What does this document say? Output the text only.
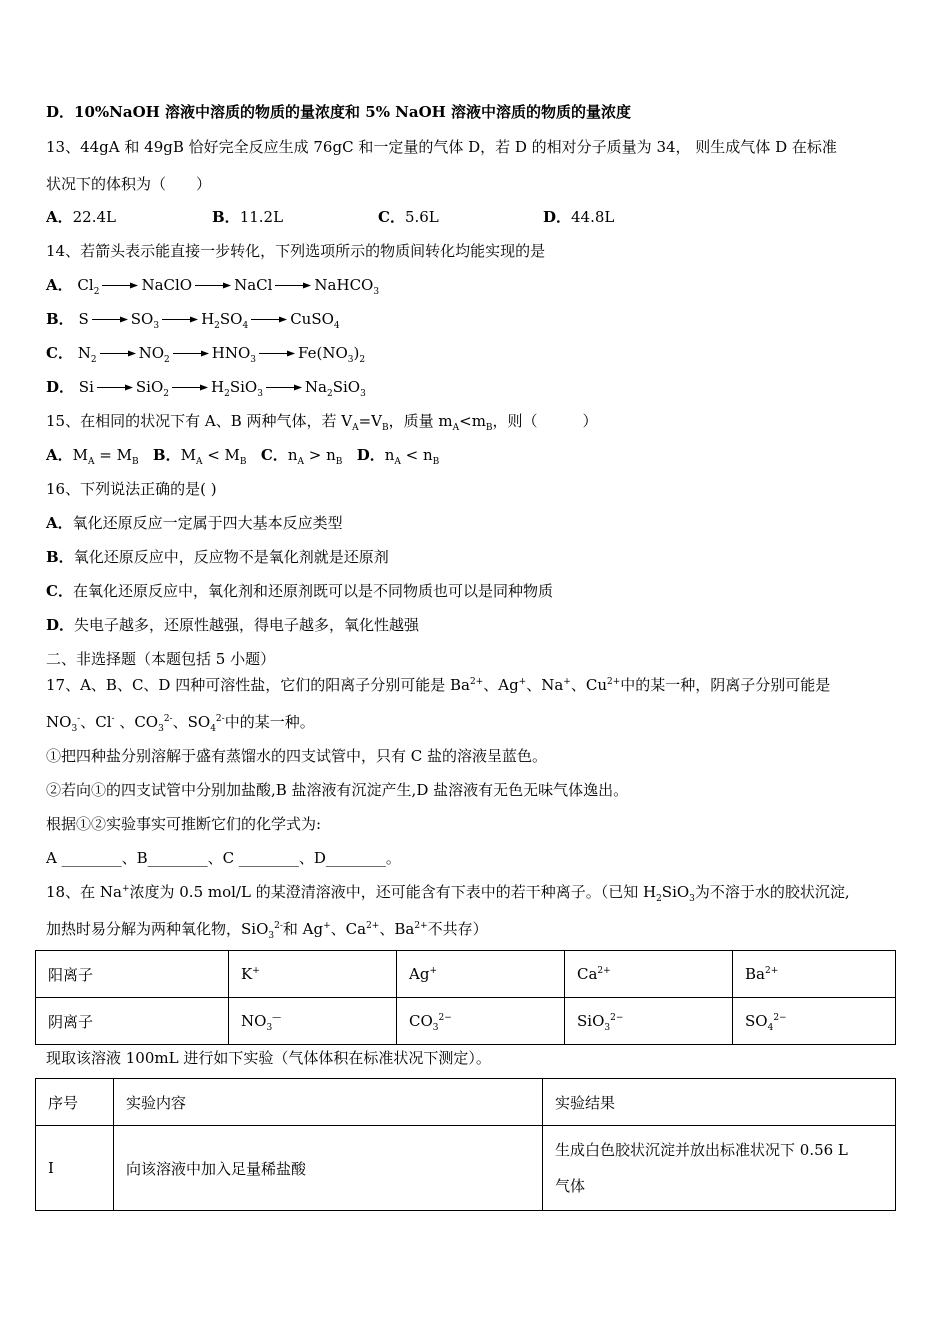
D．10%NaOH 溶液中溶质的物质的量浓度和 5% NaOH 溶液中溶质的物质的量浓度
13、44gA 和 49gB 恰好完全反应生成 76gC 和一定量的气体 D，若 D 的相对分子质量为 34， 则生成气体 D 在标准
状况下的体积为（　　）
A．22.4L	B．11.2L	C．5.6L	D．44.8L
14、若箭头表示能直接一步转化，下列选项所示的物质间转化均能实现的是
A． $Cl_2$	NaClO	NaCl	NaHCO$_3$
B． S	$SO_3$	$H_2SO_4$	CuSO$_4$
C． $N_2$	$NO_2$	$HNO_3$	$Fe(NO_3)_2$
D． Si	SiO$_2$	$H_2SiO_3$	$Na_2SiO_3$
15、在相同的状况下有 A、B 两种气体，若 $V_A=V_B$，质量 $m_A<m_B$，则（　　　）
A．$M_A = M_B$ B．$M_A < M_B$ C．$n_A > n_B$ D．$n_A < n_B$
16、下列说法正确的是( )
A．氧化还原反应一定属于四大基本反应类型
B．氧化还原反应中，反应物不是氧化剂就是还原剂
C．在氧化还原反应中，氧化剂和还原剂既可以是不同物质也可以是同种物质
D．失电子越多，还原性越强，得电子越多，氧化性越强
二、非选择题（本题包括 5 小题）
17、A、B、C、D 四种可溶性盐，它们的阳离子分别可能是 $Ba^{2+}$、Ag+、Na+、$Cu^{2+}$中的某一种，阴离子分别可能是
$NO_3^-$、Cl- 、$CO_3^{2-}$、$SO_4^{2-}$中的某一种。
①把四种盐分别溶解于盛有蒸馏水的四支试管中，只有 C 盐的溶液呈蓝色。
②若向①的四支试管中分别加盐酸,B 盐溶液有沉淀产生,D 盐溶液有无色无味气体逸出。
根据①②实验事实可推断它们的化学式为:
A ________、B________、C ________、D________。
18、在 Na+浓度为 0.5 mol/L 的某澄清溶液中，还可能含有下表中的若干种离子。（已知 $H_2SiO_3$为不溶于水的胶状沉淀,
加热时易分解为两种氧化物，SiO$_3^{2-}$和 Ag+、$Ca^{2+}$、$Ba^{2+}$不共存）
阳离子	K+	Ag+	$Ca^{2+}$	$Ba^{2+}$
阴离子	$NO_3^—$	$CO_3^{2-}$	SiO$_3^{2-}$	$SO_4^{2-}$
现取该溶液 100mL 进行如下实验（气体体积在标准状况下测定）。
序号	实验内容	实验结果
Ⅰ	向该溶液中加入足量稀盐酸	生成白色胶状沉淀并放出标准状况下 0.56 L
气体
